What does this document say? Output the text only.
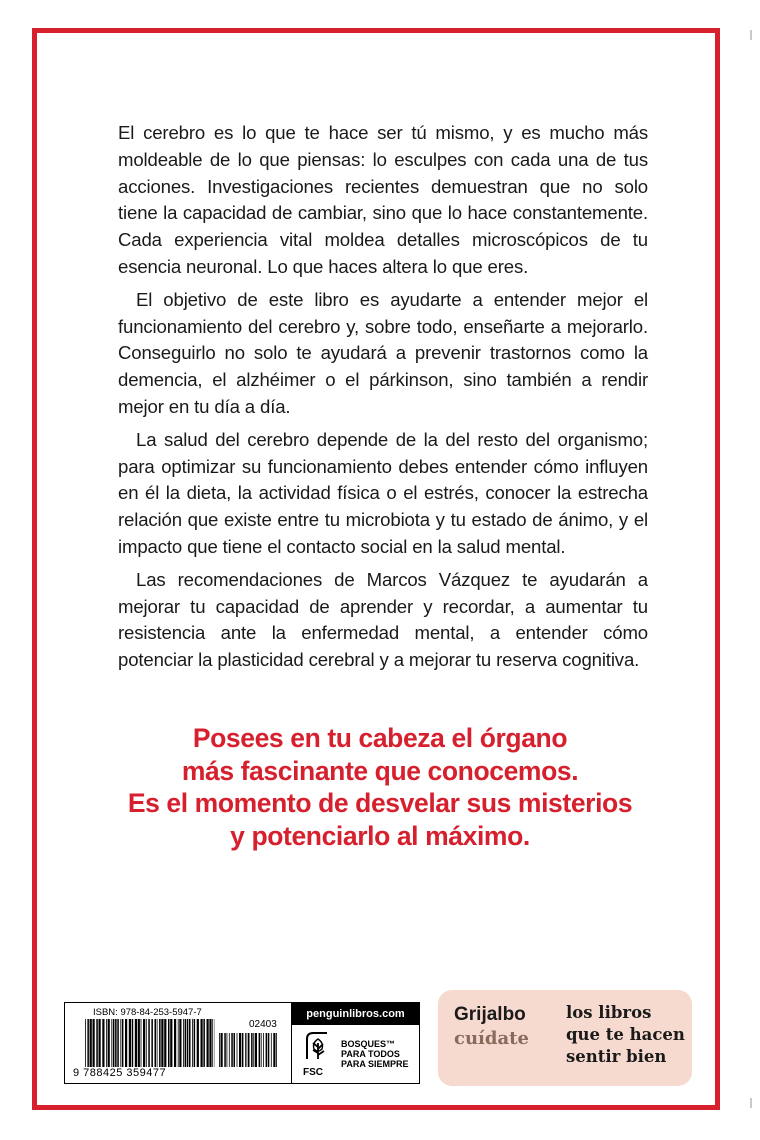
El cerebro es lo que te hace ser tú mismo, y es mucho más moldeable de lo que piensas: lo esculpes con cada una de tus acciones. Investigaciones recientes demuestran que no solo tiene la capacidad de cambiar, sino que lo hace constantemente. Cada experiencia vital moldea detalles microscópicos de tu esencia neuronal. Lo que haces altera lo que eres.

El objetivo de este libro es ayudarte a entender mejor el funcionamiento del cerebro y, sobre todo, enseñarte a mejorarlo. Conseguirlo no solo te ayudará a prevenir trastornos como la demencia, el alzhéimer o el párkinson, sino también a rendir mejor en tu día a día.

La salud del cerebro depende de la del resto del organismo; para optimizar su funcionamiento debes entender cómo influyen en él la dieta, la actividad física o el estrés, conocer la estrecha relación que existe entre tu microbiota y tu estado de ánimo, y el impacto que tiene el contacto social en la salud mental.

Las recomendaciones de Marcos Vázquez te ayudarán a mejorar tu capacidad de aprender y recordar, a aumentar tu resistencia ante la enfermedad mental, a entender cómo potenciar la plasticidad cerebral y a mejorar tu reserva cognitiva.

Posees en tu cabeza el órgano
más fascinante que conocemos.
Es el momento de desvelar sus misterios
y potenciarlo al máximo.
ISBN: 978-84-253-5947-7
02403
9 788425 359477
penguinlibros.com
FSC
BOSQUES™
PARA TODOS
PARA SIEMPRE
Grijalbo
cuídate
los libros
que te hacen
sentir bien
